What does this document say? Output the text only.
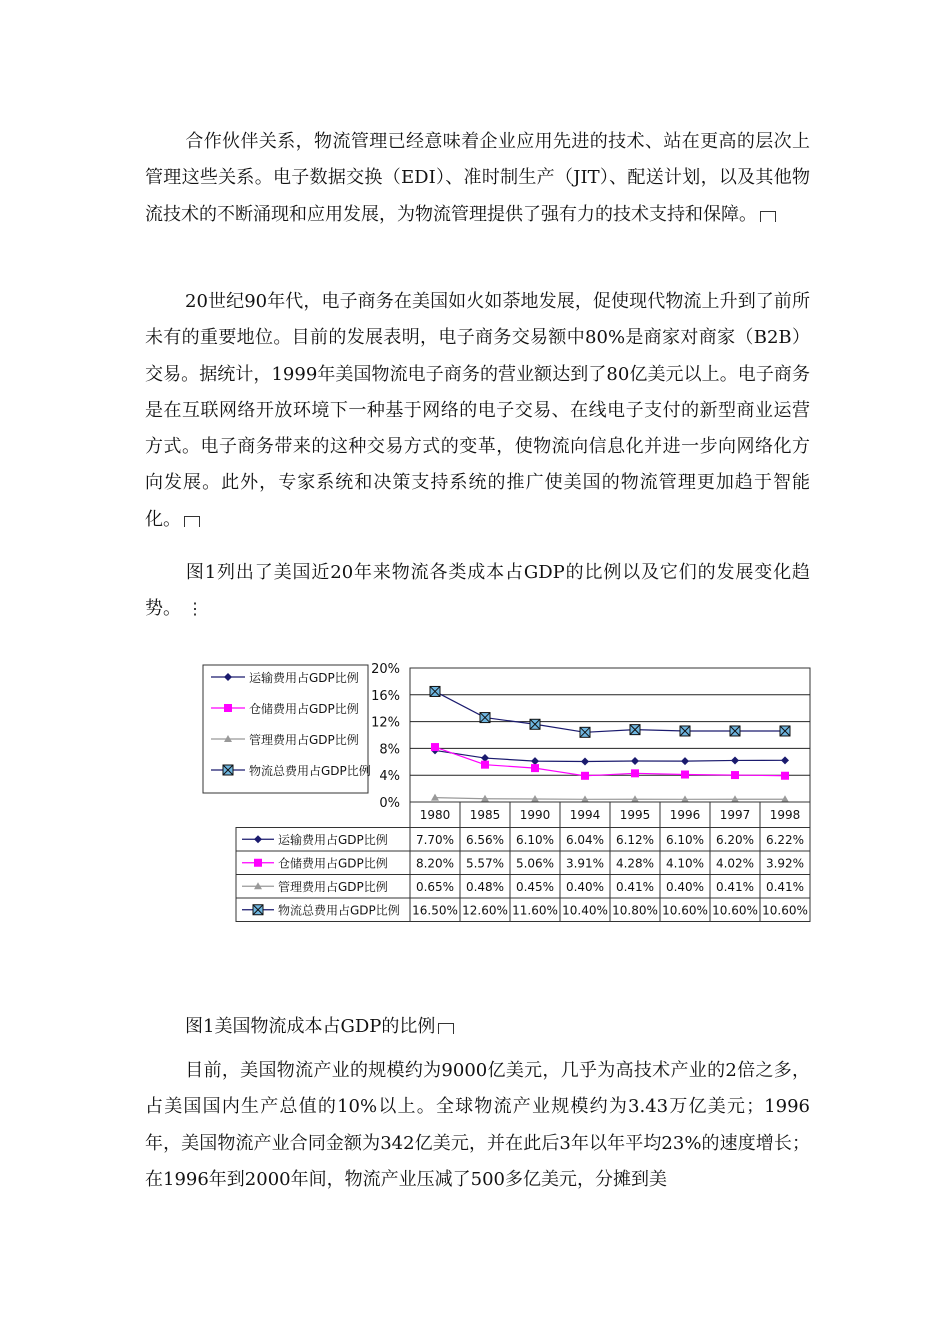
合作伙伴关系，物流管理已经意味着企业应用先进的技术、站在更高的层次上管理这些关系。电子数据交换（EDI）、准时制生产（JIT）、配送计划，以及其他物流技术的不断涌现和应用发展，为物流管理提供了强有力的技术支持和保障。

20世纪90年代，电子商务在美国如火如荼地发展，促使现代物流上升到了前所未有的重要地位。目前的发展表明，电子商务交易额中80%是商家对商家（B2B）交易。据统计，1999年美国物流电子商务的营业额达到了80亿美元以上。电子商务是在互联网络开放环境下一种基于网络的电子交易、在线电子支付的新型商业运营方式。电子商务带来的这种交易方式的变革，使物流向信息化并进一步向网络化方向发展。此外，专家系统和决策支持系统的推广使美国的物流管理更加趋于智能化。

图1列出了美国近20年来物流各类成本占GDP的比例以及它们的发展变化趋势。 ⋮

运输费用占GDP比例
仓储费用占GDP比例
管理费用占GDP比例
物流总费用占GDP比例
0%
4%
8%
12%
16%
20%
1980 1985 1990 1994 1995 1996 1997 1998
运输费用占GDP比例 7.70% 6.56% 6.10% 6.04% 6.12% 6.10% 6.20% 6.22%
仓储费用占GDP比例 8.20% 5.57% 5.06% 3.91% 4.28% 4.10% 4.02% 3.92%
管理费用占GDP比例 0.65% 0.48% 0.45% 0.40% 0.41% 0.40% 0.41% 0.41%
物流总费用占GDP比例 16.50% 12.60% 11.60% 10.40% 10.80% 10.60% 10.60% 10.60%
图1美国物流成本占GDP的比例

目前，美国物流产业的规模约为9000亿美元，几乎为高技术产业的2倍之多，占美国国内生产总值的10%以上。全球物流产业规模约为3.43万亿美元；1996年，美国物流产业合同金额为342亿美元，并在此后3年以年平均23%的速度增长；在1996年到2000年间，物流产业压减了500多亿美元，分摊到美
